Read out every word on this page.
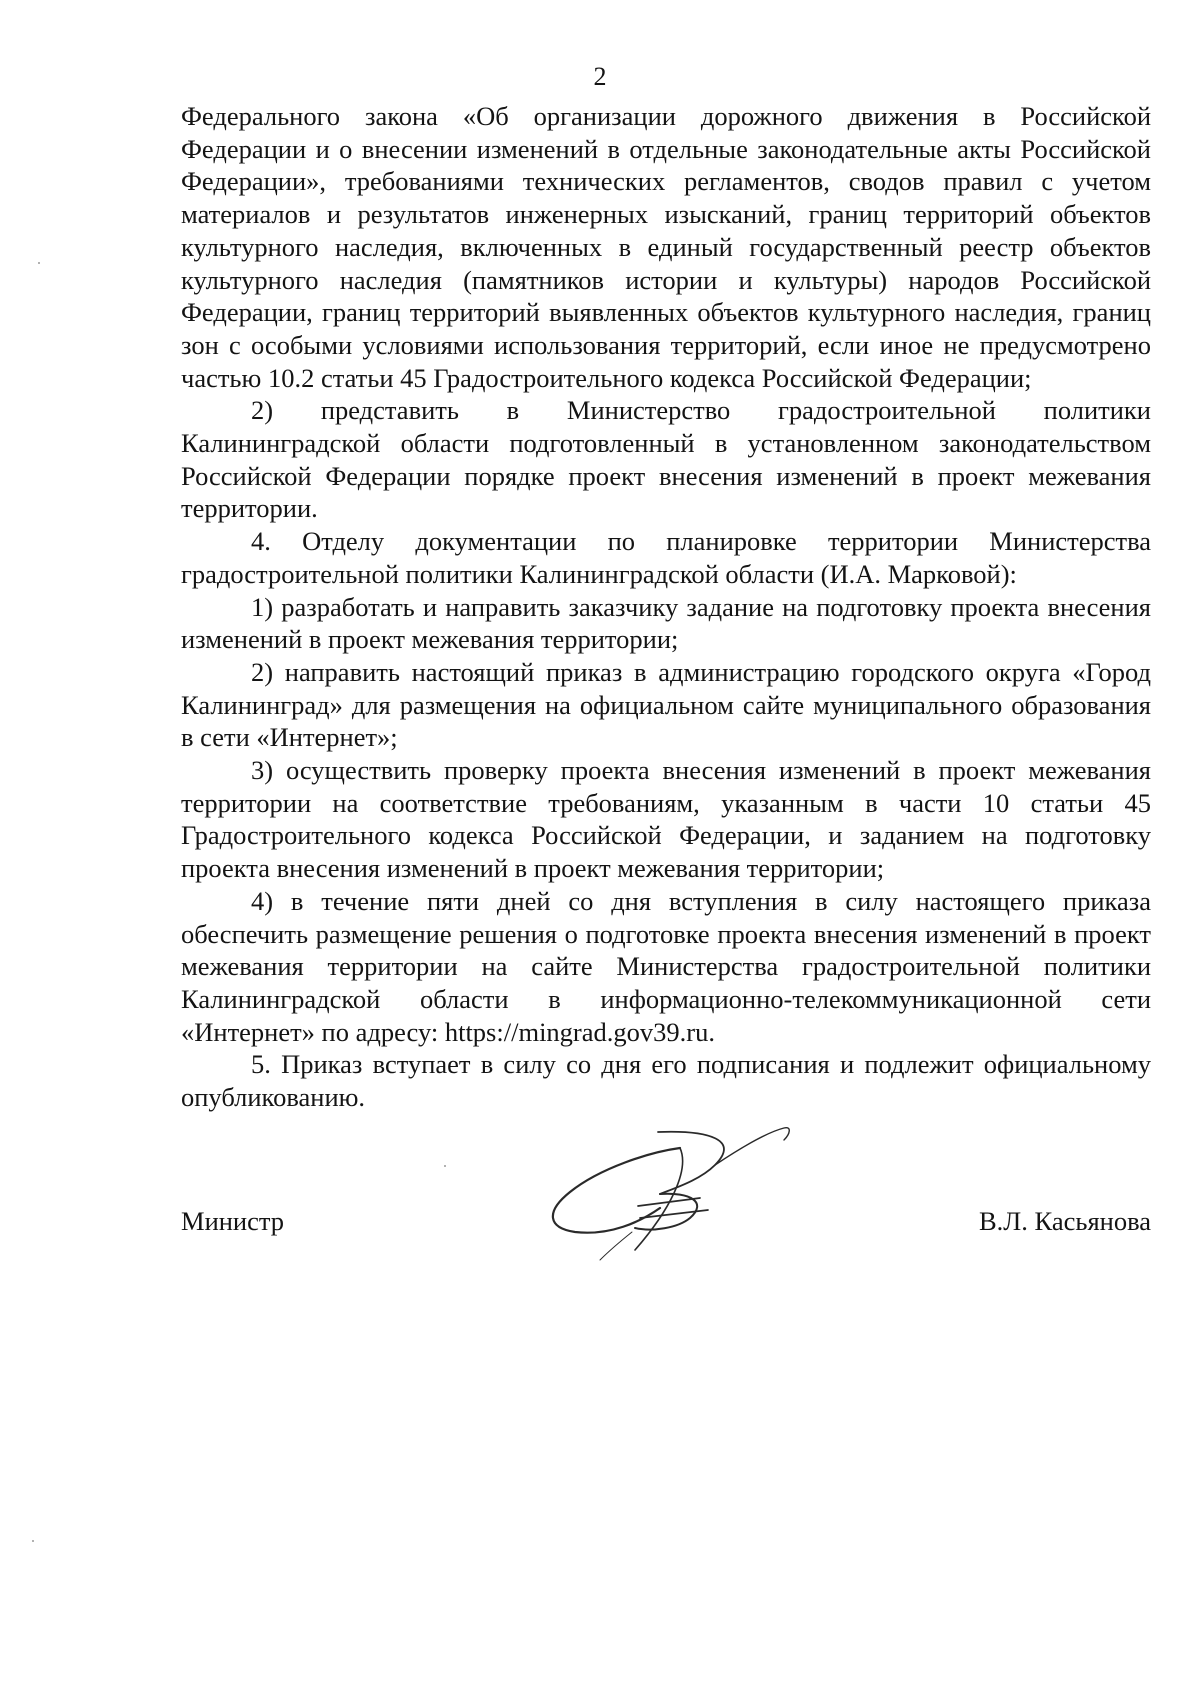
2

Федерального закона «Об организации дорожного движения в Российской Федерации и о внесении изменений в отдельные законодательные акты Российской Федерации», требованиями технических регламентов, сводов правил с учетом материалов и результатов инженерных изысканий, границ территорий объектов культурного наследия, включенных в единый государственный реестр объектов культурного наследия (памятников истории и культуры) народов Российской Федерации, границ территорий выявленных объектов культурного наследия, границ зон с особыми условиями использования территорий, если иное не предусмотрено частью 10.2 статьи 45 Градостроительного кодекса Российской Федерации;

2) представить в Министерство градостроительной политики Калининградской области подготовленный в установленном законодательством Российской Федерации порядке проект внесения изменений в проект межевания территории.

4. Отделу документации по планировке территории Министерства градостроительной политики Калининградской области (И.А. Марковой):

1) разработать и направить заказчику задание на подготовку проекта внесения изменений в проект межевания территории;

2) направить настоящий приказ в администрацию городского округа «Город Калининград» для размещения на официальном сайте муниципального образования в сети «Интернет»;

3) осуществить проверку проекта внесения изменений в проект межевания территории на соответствие требованиям, указанным в части 10 статьи 45 Градостроительного кодекса Российской Федерации, и заданием на подготовку проекта внесения изменений в проект межевания территории;

4) в течение пяти дней со дня вступления в силу настоящего приказа обеспечить размещение решения о подготовке проекта внесения изменений в проект межевания территории на сайте Министерства градостроительной политики Калининградской области в информационно-телекоммуникационной сети «Интернет» по адресу: https://mingrad.gov39.ru.

5. Приказ вступает в силу со дня его подписания и подлежит официальному опубликованию.

Министр	В.Л. Касьянова
